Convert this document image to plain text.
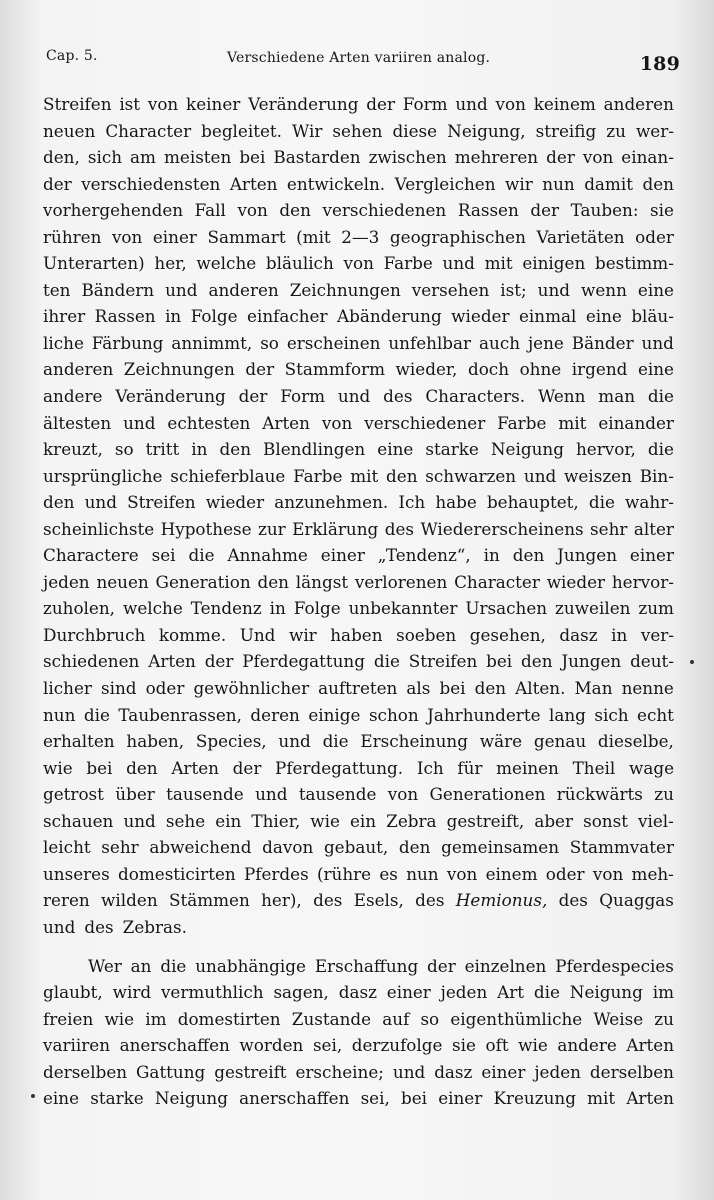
Cap. 5.	Verschiedene Arten variiren analog.	189
Streifen ist von keiner Veränderung der Form und von keinem anderen
neuen Character begleitet. Wir sehen diese Neigung, streifig zu wer-
den, sich am meisten bei Bastarden zwischen mehreren der von einan-
der verschiedensten Arten entwickeln. Vergleichen wir nun damit den
vorhergehenden Fall von den verschiedenen Rassen der Tauben: sie
rühren von einer Sammart (mit 2—3 geographischen Varietäten oder
Unterarten) her, welche bläulich von Farbe und mit einigen bestimm-
ten Bändern und anderen Zeichnungen versehen ist; und wenn eine
ihrer Rassen in Folge einfacher Abänderung wieder einmal eine bläu-
liche Färbung annimmt, so erscheinen unfehlbar auch jene Bänder und
anderen Zeichnungen der Stammform wieder, doch ohne irgend eine
andere Veränderung der Form und des Characters. Wenn man die
ältesten und echtesten Arten von verschiedener Farbe mit einander
kreuzt, so tritt in den Blendlingen eine starke Neigung hervor, die
ursprüngliche schieferblaue Farbe mit den schwarzen und weiszen Bin-
den und Streifen wieder anzunehmen. Ich habe behauptet, die wahr-
scheinlichste Hypothese zur Erklärung des Wiedererscheinens sehr alter
Charactere sei die Annahme einer „Tendenz“, in den Jungen einer
jeden neuen Generation den längst verlorenen Character wieder hervor-
zuholen, welche Tendenz in Folge unbekannter Ursachen zuweilen zum
Durchbruch komme. Und wir haben soeben gesehen, dasz in ver-
schiedenen Arten der Pferdegattung die Streifen bei den Jungen deut-
licher sind oder gewöhnlicher auftreten als bei den Alten. Man nenne
nun die Taubenrassen, deren einige schon Jahrhunderte lang sich echt
erhalten haben, Species, und die Erscheinung wäre genau dieselbe,
wie bei den Arten der Pferdegattung. Ich für meinen Theil wage
getrost über tausende und tausende von Generationen rückwärts zu
schauen und sehe ein Thier, wie ein Zebra gestreift, aber sonst viel-
leicht sehr abweichend davon gebaut, den gemeinsamen Stammvater
unseres domesticirten Pferdes (rühre es nun von einem oder von meh-
reren wilden Stämmen her), des Esels, des Hemionus, des Quaggas
und des Zebras.
Wer an die unabhängige Erschaffung der einzelnen Pferdespecies
glaubt, wird vermuthlich sagen, dasz einer jeden Art die Neigung im
freien wie im domestirten Zustande auf so eigenthümliche Weise zu
variiren anerschaffen worden sei, derzufolge sie oft wie andere Arten
derselben Gattung gestreift erscheine; und dasz einer jeden derselben
eine starke Neigung anerschaffen sei, bei einer Kreuzung mit Arten
